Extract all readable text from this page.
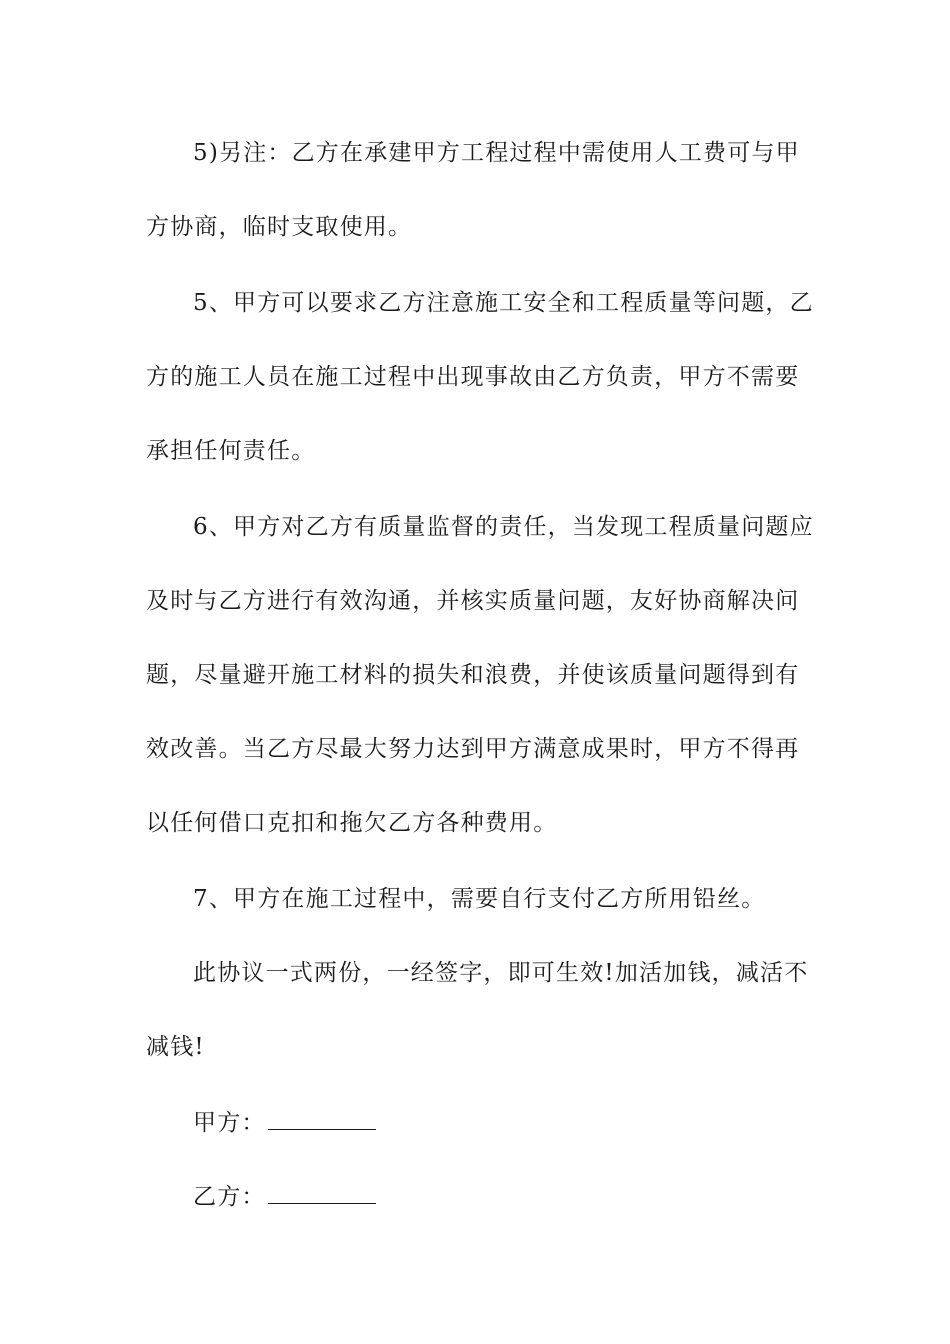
5)另注：乙方在承建甲方工程过程中需使用人工费可与甲
方协商，临时支取使用。
5、甲方可以要求乙方注意施工安全和工程质量等问题，乙
方的施工人员在施工过程中出现事故由乙方负责，甲方不需要
承担任何责任。
6、甲方对乙方有质量监督的责任，当发现工程质量问题应
及时与乙方进行有效沟通，并核实质量问题，友好协商解决问
题，尽量避开施工材料的损失和浪费，并使该质量问题得到有
效改善。当乙方尽最大努力达到甲方满意成果时，甲方不得再
以任何借口克扣和拖欠乙方各种费用。
7、甲方在施工过程中，需要自行支付乙方所用铅丝。
此协议一式两份，一经签字，即可生效!加活加钱，减活不
减钱!
甲方：
乙方：
